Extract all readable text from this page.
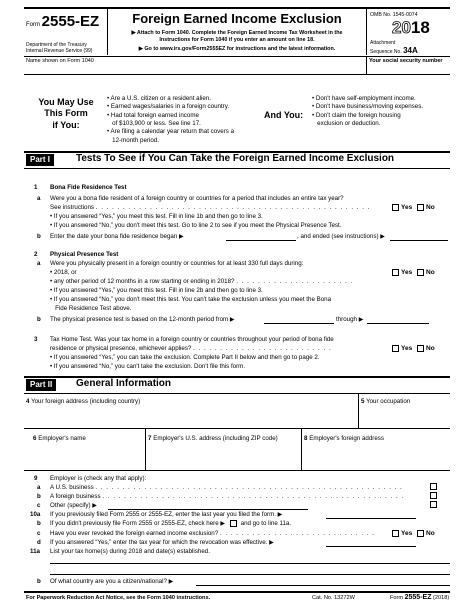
Form 2555-EZ
Department of the Treasury
Internal Revenue Service (99)
Foreign Earned Income Exclusion
▶ Attach to Form 1040. Complete the Foreign Earned Income Tax Worksheet in the
Instructions for Form 1040 if you enter an amount on line 18.
▶ Go to www.irs.gov/Form2555EZ for instructions and the latest information.
OMB No. 1545-0074
2018
Attachment
Sequence No. 34A
Name shown on Form 1040	Your social security number
You May Use
This Form
if You:
• Are a U.S. citizen or a resident alien.
• Earned wages/salaries in a foreign country.
• Had total foreign earned income
of $103,900 or less. See line 17.
• Are filing a calendar year return that covers a
12-month period.
And You:
• Don't have self-employment income.
• Don't have business/moving expenses.
• Don't claim the foreign housing
exclusion or deduction.
Part I	Tests To See if You Can Take the Foreign Earned Income Exclusion
1 Bona Fide Residence Test
a Were you a bona fide resident of a foreign country or countries for a period that includes an entire tax year?
See instructions . . . . . . . . . . . . . . . . . . . . . . . . . . . . . . . . . . . . . . . . . . . . . . . . . . .	Yes No
• If you answered “Yes,” you meet this test. Fill in line 1b and then go to line 3.
• If you answered “No,” you don't meet this test. Go to line 2 to see if you meet the Physical Presence Test.
b Enter the date your bona fide residence began ▶	, and ended (see instructions) ▶
2 Physical Presence Test
a Were you physically present in a foreign country or countries for at least 330 full days during:
• 2018, or	Yes No
• any other period of 12 months in a row starting or ending in 2018? . . . . . . . . . . . . . . . . . . . . . .
• If you answered “Yes,” you meet this test. Fill in line 2b and then go to line 3.
• If you answered “No,” you don't meet this test. You can't take the exclusion unless you meet the Bona
Fide Residence Test above.
b The physical presence test is based on the 12-month period from ▶	through ▶
3 Tax Home Test. Was your tax home in a foreign country or countries throughout your period of bona fide
residence or physical presence, whichever applies? . . . . . . . . . . . . . . . . . . . . . . . . . .	Yes No
• If you answered “Yes,” you can take the exclusion. Complete Part II below and then go to page 2.
• If you answered “No,” you can't take the exclusion. Don't file this form.
Part II	General Information
4 Your foreign address (including country)	5 Your occupation
6 Employer's name	7 Employer's U.S. address (including ZIP code)	8 Employer's foreign address
9 Employer is (check any that apply):
a A U.S. business . . . . . . . . . . . . . . . . . . . . . . . . . . . . . . . . . . . . . . . . . . . . . . . . . . . . . . . . .
b A foreign business . . . . . . . . . . . . . . . . . . . . . . . . . . . . . . . . . . . . . . . . . . . . . . . . . . . . . . . .
c Other (specify) ▶
10a If you previously filed Form 2555 or 2555-EZ, enter the last year you filed the form. ▶
b If you didn't previously file Form 2555 or 2555-EZ, check here ▶ and go to line 11a.
c Have you ever revoked the foreign earned income exclusion? . . . . . . . . . . . . . . . . . . . . . . . . . . . . .	Yes No
d If you answered “Yes,” enter the tax year for which the revocation was effective. ▶
11a List your tax home(s) during 2018 and date(s) established.
b Of what country are you a citizen/national? ▶
For Paperwork Reduction Act Notice, see the Form 1040 instructions.	Cat. No. 13272W	Form 2555-EZ (2018)
